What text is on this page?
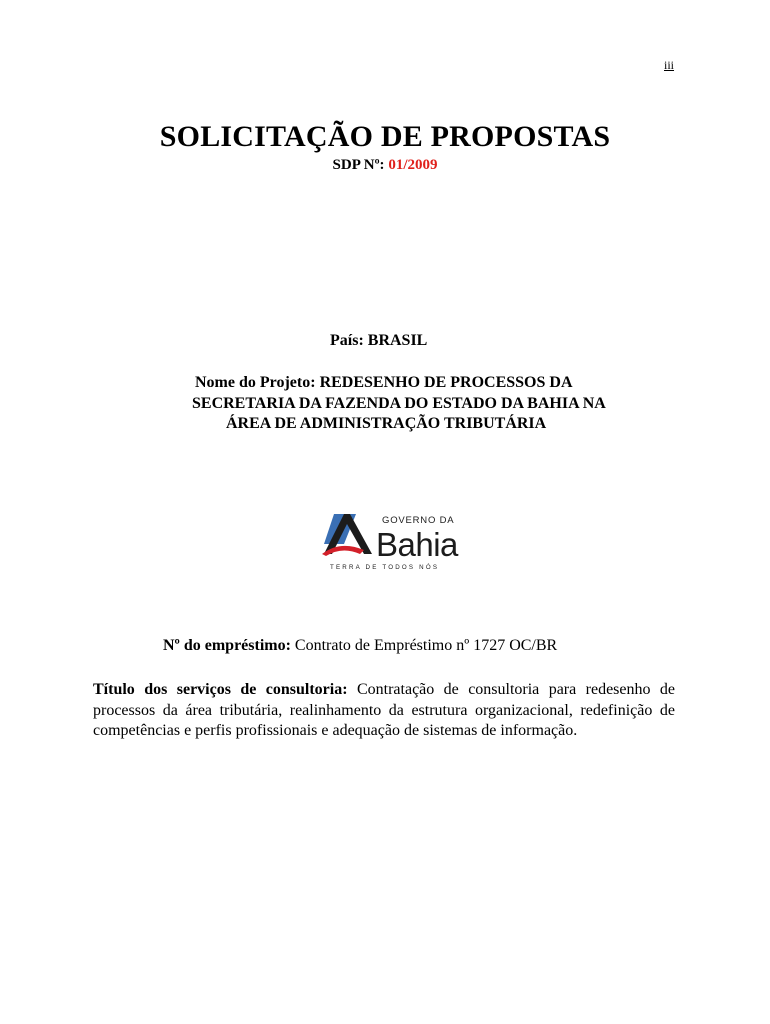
iii
SOLICITAÇÃO DE PROPOSTAS
SDP Nº: 01/2009
País: BRASIL
Nome do Projeto: REDESENHO DE PROCESSOS DA
SECRETARIA DA FAZENDA DO ESTADO DA BAHIA NA
ÁREA DE ADMINISTRAÇÃO TRIBUTÁRIA
GOVERNO DA
Bahia
TERRA DE TODOS NÓS
Nº do empréstimo: Contrato de Empréstimo nº 1727 OC/BR
Título dos serviços de consultoria: Contratação de consultoria para redesenho de processos da área tributária, realinhamento da estrutura organizacional, redefinição de competências e perfis profissionais e adequação de sistemas de informação.
